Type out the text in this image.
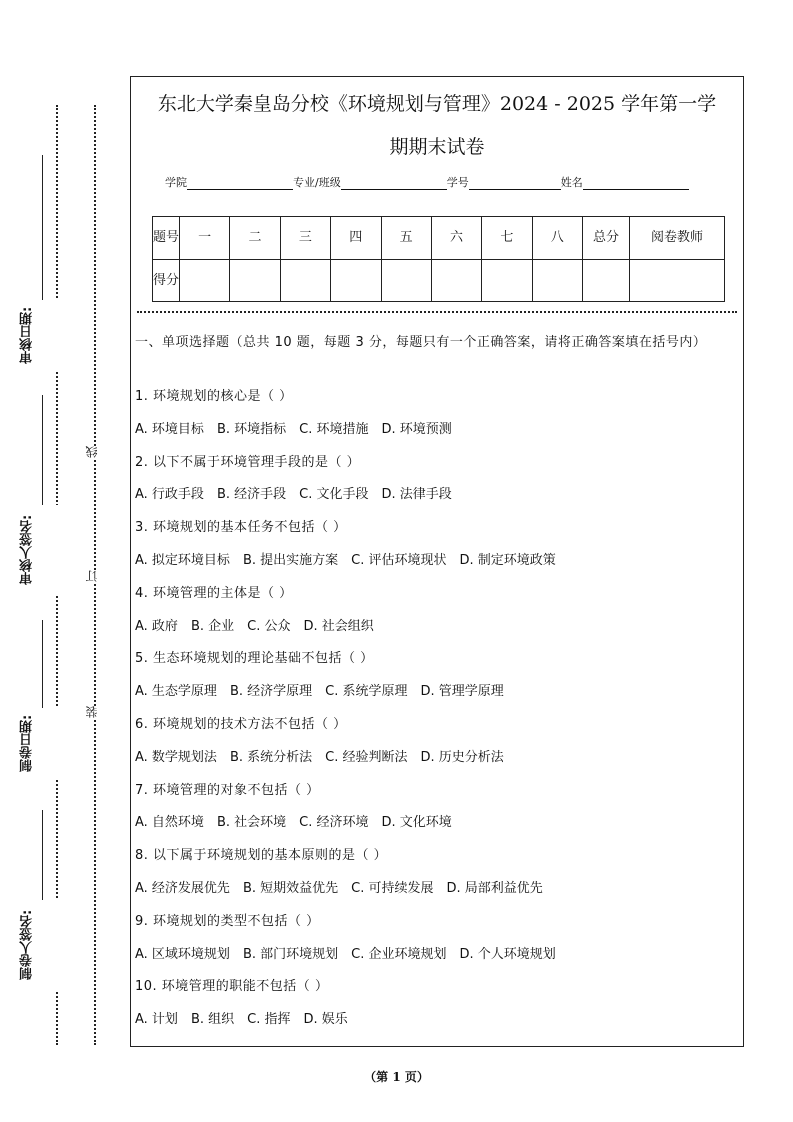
审核日期:
审核人签名:
制卷日期:
制卷人签名:
线
订
装
东北大学秦皇岛分校《环境规划与管理》2024 - 2025 学年第一学
期期末试卷
学院	专业/班级	学号	姓名
题号	一	二	三	四	五	六	七	八	总分	阅卷教师
得分										
一、单项选择题（总共 10 题，每题 3 分，每题只有一个正确答案，请将正确答案填在括号内）
1. 环境规划的核心是（ ）
A. 环境目标 B. 环境指标 C. 环境措施 D. 环境预测
2. 以下不属于环境管理手段的是（ ）
A. 行政手段 B. 经济手段 C. 文化手段 D. 法律手段
3. 环境规划的基本任务不包括（ ）
A. 拟定环境目标 B. 提出实施方案 C. 评估环境现状 D. 制定环境政策
4. 环境管理的主体是（ ）
A. 政府 B. 企业 C. 公众 D. 社会组织
5. 生态环境规划的理论基础不包括（ ）
A. 生态学原理 B. 经济学原理 C. 系统学原理 D. 管理学原理
6. 环境规划的技术方法不包括（ ）
A. 数学规划法 B. 系统分析法 C. 经验判断法 D. 历史分析法
7. 环境管理的对象不包括（ ）
A. 自然环境 B. 社会环境 C. 经济环境 D. 文化环境
8. 以下属于环境规划的基本原则的是（ ）
A. 经济发展优先 B. 短期效益优先 C. 可持续发展 D. 局部利益优先
9. 环境规划的类型不包括（ ）
A. 区域环境规划 B. 部门环境规划 C. 企业环境规划 D. 个人环境规划
10. 环境管理的职能不包括（ ）
A. 计划 B. 组织 C. 指挥 D. 娱乐
（第 1 页）
